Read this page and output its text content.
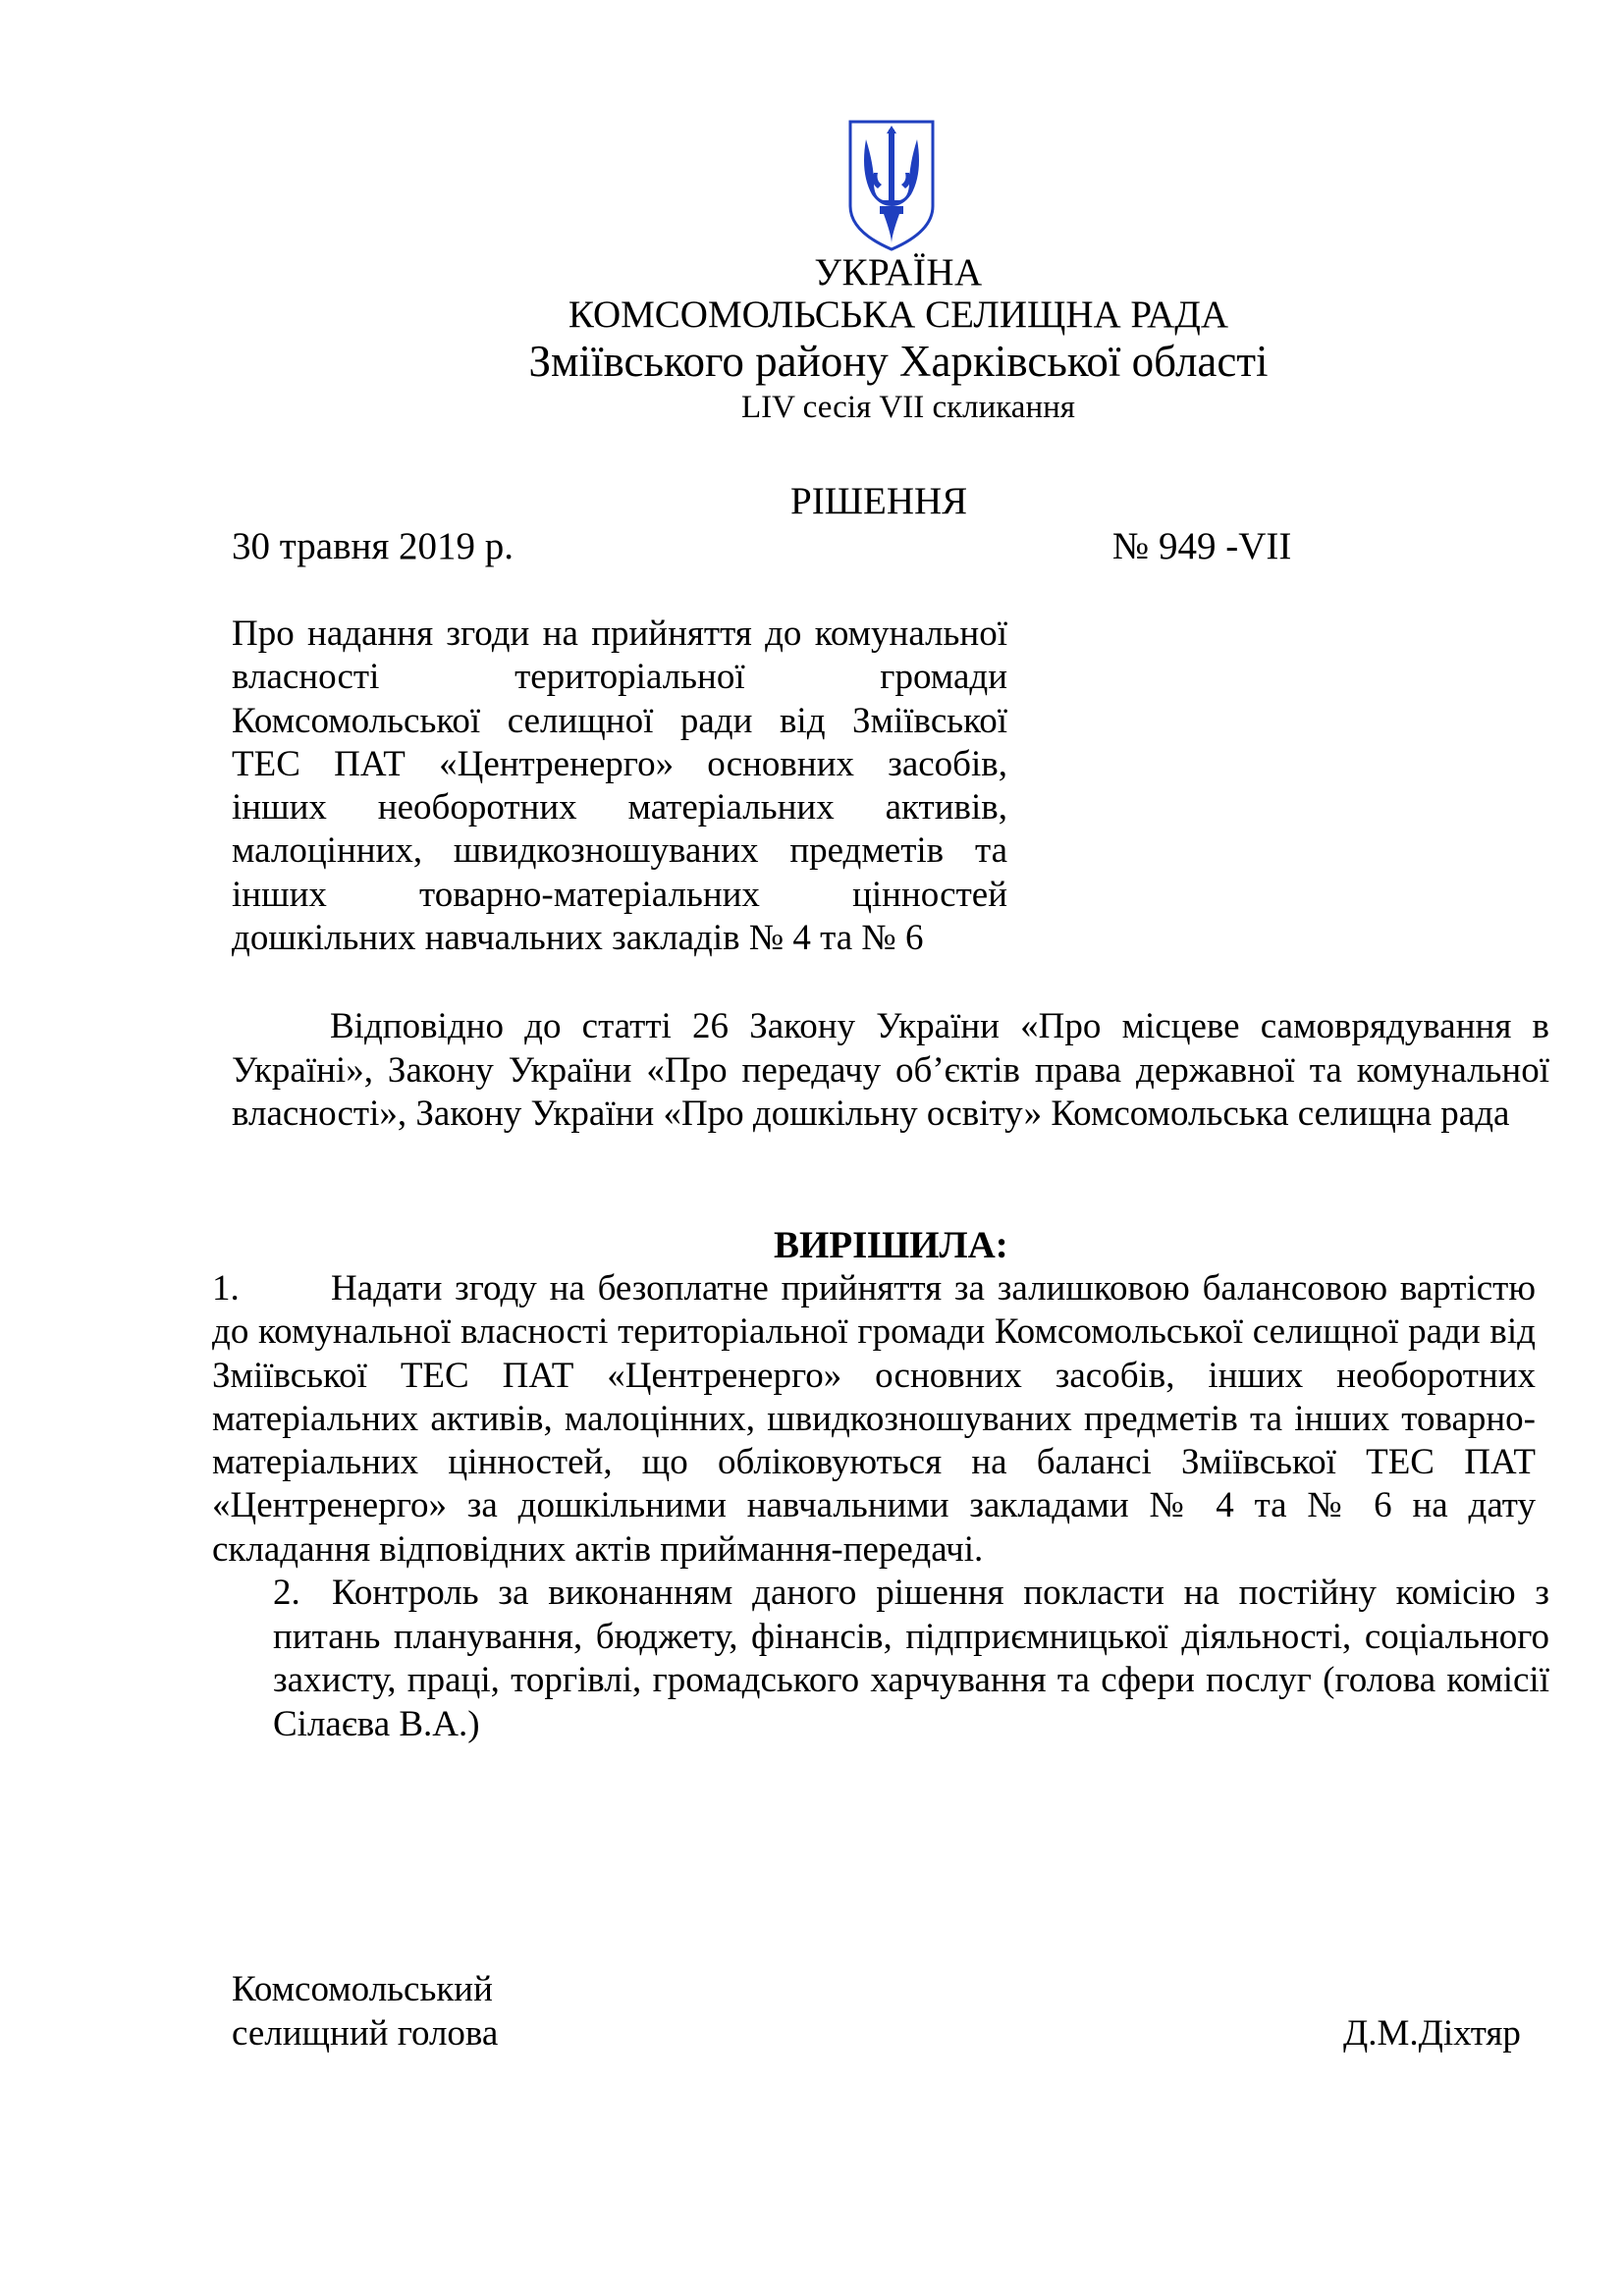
УКРАЇНА
КОМСОМОЛЬСЬКА СЕЛИЩНА РАДА
Зміївського району Харківської області
LIV сесія VII скликання
РІШЕННЯ
30 травня 2019 р.	№ 949 -VII
Про надання згоди на прийняття до комунальної власності територіальної громади Комсомольської селищної ради від Зміївської ТЕС ПАТ «Центренерго» основних засобів, інших необоротних матеріальних активів, малоцінних, швидкозношуваних предметів та інших товарно-матеріальних цінностей дошкільних навчальних закладів № 4 та № 6
Відповідно до статті 26 Закону України «Про місцеве самоврядування в Україні», Закону України «Про передачу об’єктів права державної та комунальної власності», Закону України «Про дошкільну освіту» Комсомольська селищна рада
ВИРІШИЛА:
1.	Надати згоду на безоплатне прийняття за залишковою балансовою вартістю до комунальної власності територіальної громади Комсомольської селищної ради від Зміївської ТЕС ПАТ «Центренерго» основних засобів, інших необоротних матеріальних активів, малоцінних, швидкозношуваних предметів та інших товарно-матеріальних цінностей, що обліковуються на балансі Зміївської ТЕС ПАТ «Центренерго» за дошкільними навчальними закладами № 4 та № 6 на дату складання відповідних актів приймання-передачі.
2. Контроль за виконанням даного рішення покласти на постійну комісію з питань планування, бюджету, фінансів, підприємницької діяльності, соціального захисту, праці, торгівлі, громадського харчування та сфери послуг (голова комісії Сілаєва В.А.)
Комсомольський
селищний голова	Д.М.Діхтяр
